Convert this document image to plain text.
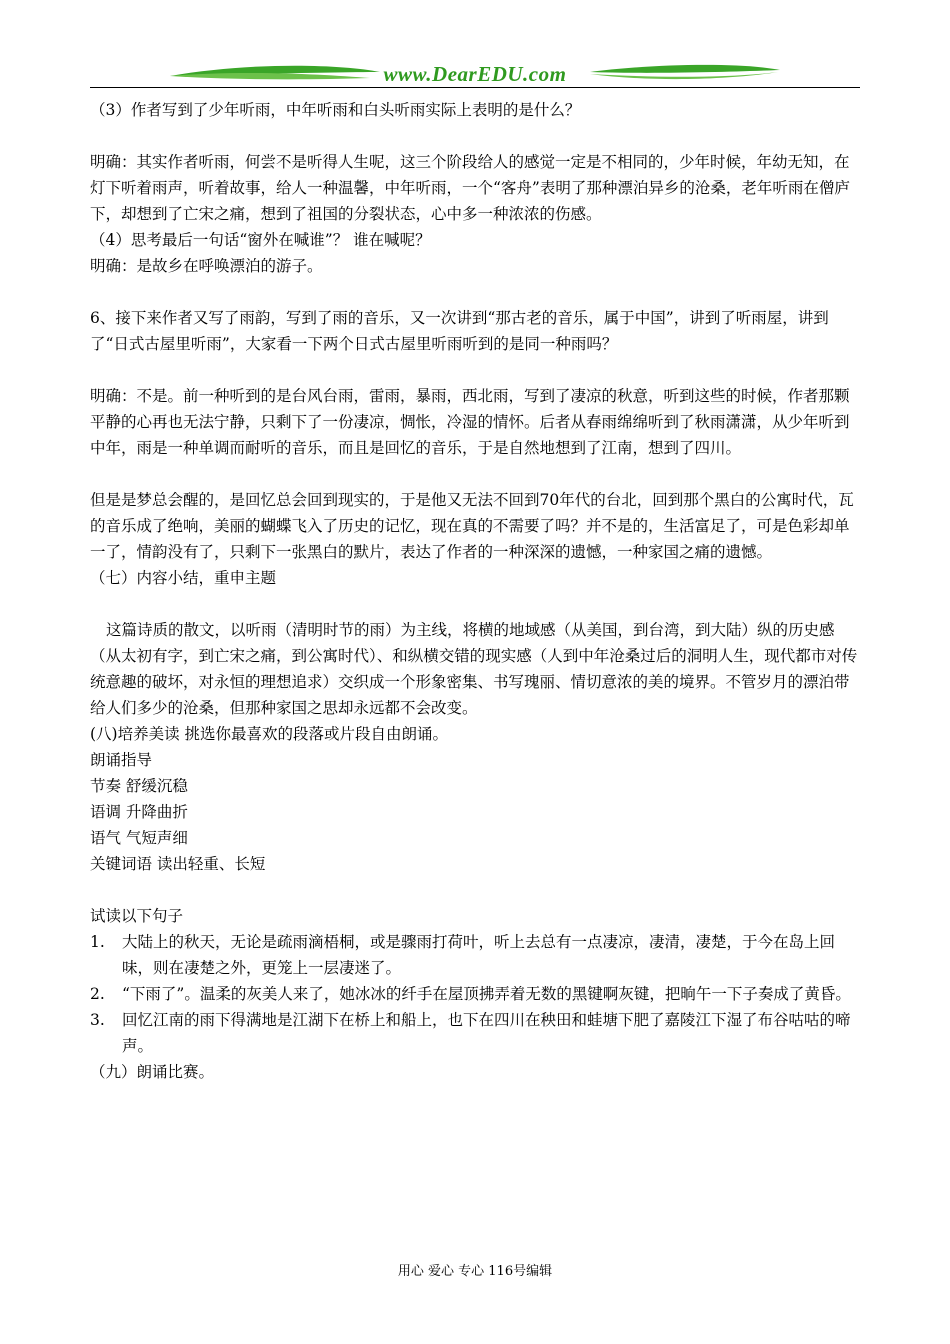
www.DearEDU.com

（3）作者写到了少年听雨，中年听雨和白头听雨实际上表明的是什么？

明确：其实作者听雨，何尝不是听得人生呢，这三个阶段给人的感觉一定是不相同的，少年时候，年幼无知，在灯下听着雨声，听着故事，给人一种温馨，中年听雨，一个“客舟”表明了那种漂泊异乡的沧桑，老年听雨在僧庐下，却想到了亡宋之痛，想到了祖国的分裂状态，心中多一种浓浓的伤感。

（4）思考最后一句话“窗外在喊谁”？ 谁在喊呢？

明确：是故乡在呼唤漂泊的游子。

6、接下来作者又写了雨韵，写到了雨的音乐，又一次讲到“那古老的音乐，属于中国”，讲到了听雨屋，讲到了“日式古屋里听雨”，大家看一下两个日式古屋里听雨听到的是同一种雨吗？

明确：不是。前一种听到的是台风台雨，雷雨，暴雨，西北雨，写到了凄凉的秋意，听到这些的时候，作者那颗平静的心再也无法宁静，只剩下了一份凄凉，惆怅，冷湿的情怀。后者从春雨绵绵听到了秋雨潇潇，从少年听到中年，雨是一种单调而耐听的音乐，而且是回忆的音乐，于是自然地想到了江南，想到了四川。

但是是梦总会醒的，是回忆总会回到现实的，于是他又无法不回到70年代的台北，回到那个黑白的公寓时代，瓦的音乐成了绝响，美丽的蝴蝶飞入了历史的记忆，现在真的不需要了吗？并不是的，生活富足了，可是色彩却单一了，情韵没有了，只剩下一张黑白的默片，表达了作者的一种深深的遗憾，一种家国之痛的遗憾。

（七）内容小结，重申主题

这篇诗质的散文，以听雨（清明时节的雨）为主线，将横的地域感（从美国，到台湾，到大陆）纵的历史感（从太初有字，到亡宋之痛，到公寓时代）、和纵横交错的现实感（人到中年沧桑过后的洞明人生，现代都市对传统意趣的破坏，对永恒的理想追求）交织成一个形象密集、书写瑰丽、情切意浓的美的境界。不管岁月的漂泊带给人们多少的沧桑，但那种家国之思却永远都不会改变。

(八)培养美读 挑选你最喜欢的段落或片段自由朗诵。

朗诵指导

节奏 舒缓沉稳

语调 升降曲折

语气 气短声细

关键词语 读出轻重、长短

试读以下句子

1.	大陆上的秋天，无论是疏雨滴梧桐，或是骤雨打荷叶，听上去总有一点凄凉，凄清，凄楚，于今在岛上回味，则在凄楚之外，更笼上一层凄迷了。
2.	“下雨了”。温柔的灰美人来了，她冰冰的纤手在屋顶拂弄着无数的黑键啊灰键，把晌午一下子奏成了黄昏。
3.	回忆江南的雨下得满地是江湖下在桥上和船上，也下在四川在秧田和蛙塘下肥了嘉陵江下湿了布谷咕咕的啼声。

（九）朗诵比赛。

用心 爱心 专心 116号编辑
